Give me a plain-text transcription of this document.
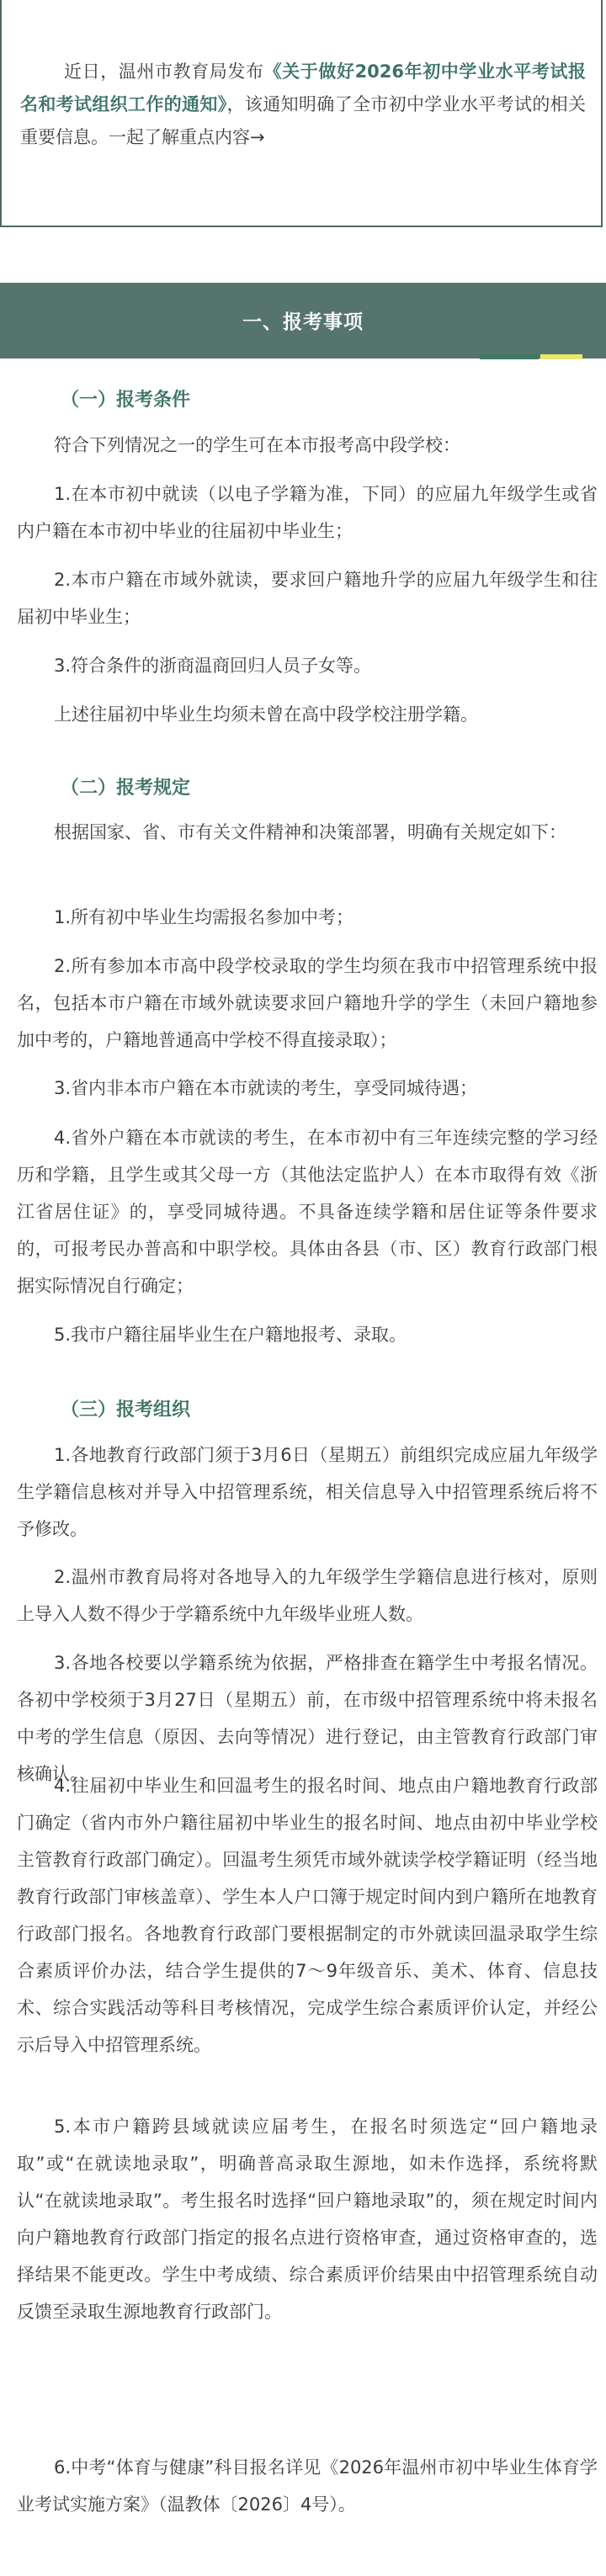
近日，温州市教育局发布《关于做好2026年初中学业水平考试报名和考试组织工作的通知》，该通知明确了全市初中学业水平考试的相关重要信息。一起了解重点内容→

一、报考事项
（一）报考条件

符合下列情况之一的学生可在本市报考高中段学校：

1.在本市初中就读（以电子学籍为准，下同）的应届九年级学生或省内户籍在本市初中毕业的往届初中毕业生；

2.本市户籍在市域外就读，要求回户籍地升学的应届九年级学生和往届初中毕业生；

3.符合条件的浙商温商回归人员子女等。

上述往届初中毕业生均须未曾在高中段学校注册学籍。

（二）报考规定

根据国家、省、市有关文件精神和决策部署，明确有关规定如下：

1.所有初中毕业生均需报名参加中考；

2.所有参加本市高中段学校录取的学生均须在我市中招管理系统中报名，包括本市户籍在市域外就读要求回户籍地升学的学生（未回户籍地参加中考的，户籍地普通高中学校不得直接录取）；

3.省内非本市户籍在本市就读的考生，享受同城待遇；

4.省外户籍在本市就读的考生，在本市初中有三年连续完整的学习经历和学籍，且学生或其父母一方（其他法定监护人）在本市取得有效《浙江省居住证》的，享受同城待遇。不具备连续学籍和居住证等条件要求的，可报考民办普高和中职学校。具体由各县（市、区）教育行政部门根据实际情况自行确定；

5.我市户籍往届毕业生在户籍地报考、录取。

（三）报考组织

1.各地教育行政部门须于3月6日（星期五）前组织完成应届九年级学生学籍信息核对并导入中招管理系统，相关信息导入中招管理系统后将不予修改。

2.温州市教育局将对各地导入的九年级学生学籍信息进行核对，原则上导入人数不得少于学籍系统中九年级毕业班人数。

3.各地各校要以学籍系统为依据，严格排查在籍学生中考报名情况。各初中学校须于3月27日（星期五）前，在市级中招管理系统中将未报名中考的学生信息（原因、去向等情况）进行登记，由主管教育行政部门审核确认。

4.往届初中毕业生和回温考生的报名时间、地点由户籍地教育行政部门确定（省内市外户籍往届初中毕业生的报名时间、地点由初中毕业学校主管教育行政部门确定）。回温考生须凭市域外就读学校学籍证明（经当地教育行政部门审核盖章）、学生本人户口簿于规定时间内到户籍所在地教育行政部门报名。各地教育行政部门要根据制定的市外就读回温录取学生综合素质评价办法，结合学生提供的7～9年级音乐、美术、体育、信息技术、综合实践活动等科目考核情况，完成学生综合素质评价认定，并经公示后导入中招管理系统。

5.本市户籍跨县域就读应届考生，在报名时须选定“回户籍地录取”或“在就读地录取”，明确普高录取生源地，如未作选择，系统将默认“在就读地录取”。考生报名时选择“回户籍地录取”的，须在规定时间内向户籍地教育行政部门指定的报名点进行资格审查，通过资格审查的，选择结果不能更改。学生中考成绩、综合素质评价结果由中招管理系统自动反馈至录取生源地教育行政部门。

6.中考“体育与健康”科目报名详见《2026年温州市初中毕业生体育学业考试实施方案》（温教体〔2026〕4号）。
